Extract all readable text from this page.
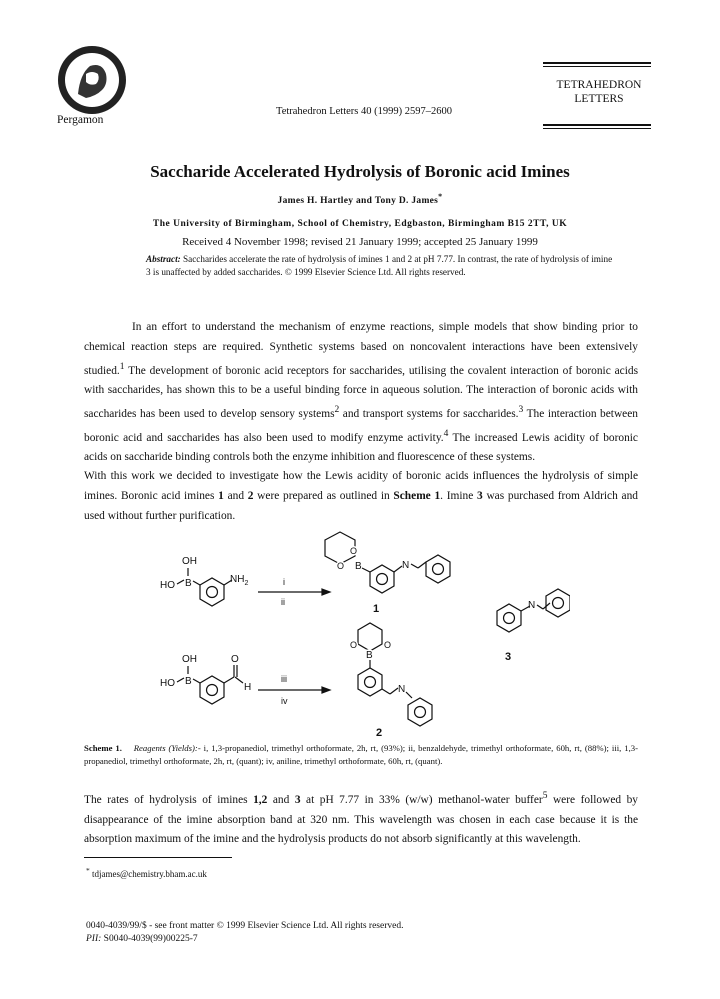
Pergamon
Tetrahedron Letters 40 (1999) 2597–2600
TETRAHEDRON
LETTERS
Saccharide Accelerated Hydrolysis of Boronic acid Imines
James H. Hartley and Tony D. James*
The University of Birmingham, School of Chemistry, Edgbaston, Birmingham B15 2TT, UK
Received 4 November 1998; revised 21 January 1999; accepted 25 January 1999
Abstract: Saccharides accelerate the rate of hydrolysis of imines 1 and 2 at pH 7.77. In contrast, the rate of hydrolysis of imine 3 is unaffected by added saccharides. © 1999 Elsevier Science Ltd. All rights reserved.
In an effort to understand the mechanism of enzyme reactions, simple models that show binding prior to chemical reaction steps are required. Synthetic systems based on noncovalent interactions have been extensively studied.$^1$ The development of boronic acid receptors for saccharides, utilising the covalent interaction of boronic acids with saccharides, has shown this to be a useful binding force in aqueous solution. The interaction of boronic acids with saccharides has been used to develop sensory systems$^2$ and transport systems for saccharides.$^3$ The interaction between boronic acid and saccharides has also been used to modify enzyme activity.$^4$ The increased Lewis acidity of boronic acids on saccharide binding controls both the enzyme inhibition and fluorescence of these systems.
With this work we decided to investigate how the Lewis acidity of boronic acids influences the hydrolysis of simple imines. Boronic acid imines 1 and 2 were prepared as outlined in Scheme 1. Imine 3 was purchased from Aldrich and used without further purification.
OH
HO B	$NH_2$	i
ii
O
O B	N
1	N
3
OH
HO B
O
H
iii
iv
O	O
B
N
2
Scheme 1. Reagents (Yields):- i, 1,3-propanediol, trimethyl orthoformate, 2h, rt, (93%); ii, benzaldehyde, trimethyl orthoformate, 60h, rt, (88%); iii, 1,3-propanediol, trimethyl orthoformate, 2h, rt, (quant); iv, aniline, trimethyl orthoformate, 60h, rt, (quant).
The rates of hydrolysis of imines 1,2 and 3 at pH 7.77 in 33% (w/w) methanol-water buffer$^5$ were followed by disappearance of the imine absorption band at 320 nm. This wavelength was chosen in each case because it is the absorption maximum of the imine and the hydrolysis products do not absorb significantly at this wavelength.
* tdjames@chemistry.bham.ac.uk
0040-4039/99/$ - see front matter © 1999 Elsevier Science Ltd. All rights reserved.
PII: S0040-4039(99)00225-7
